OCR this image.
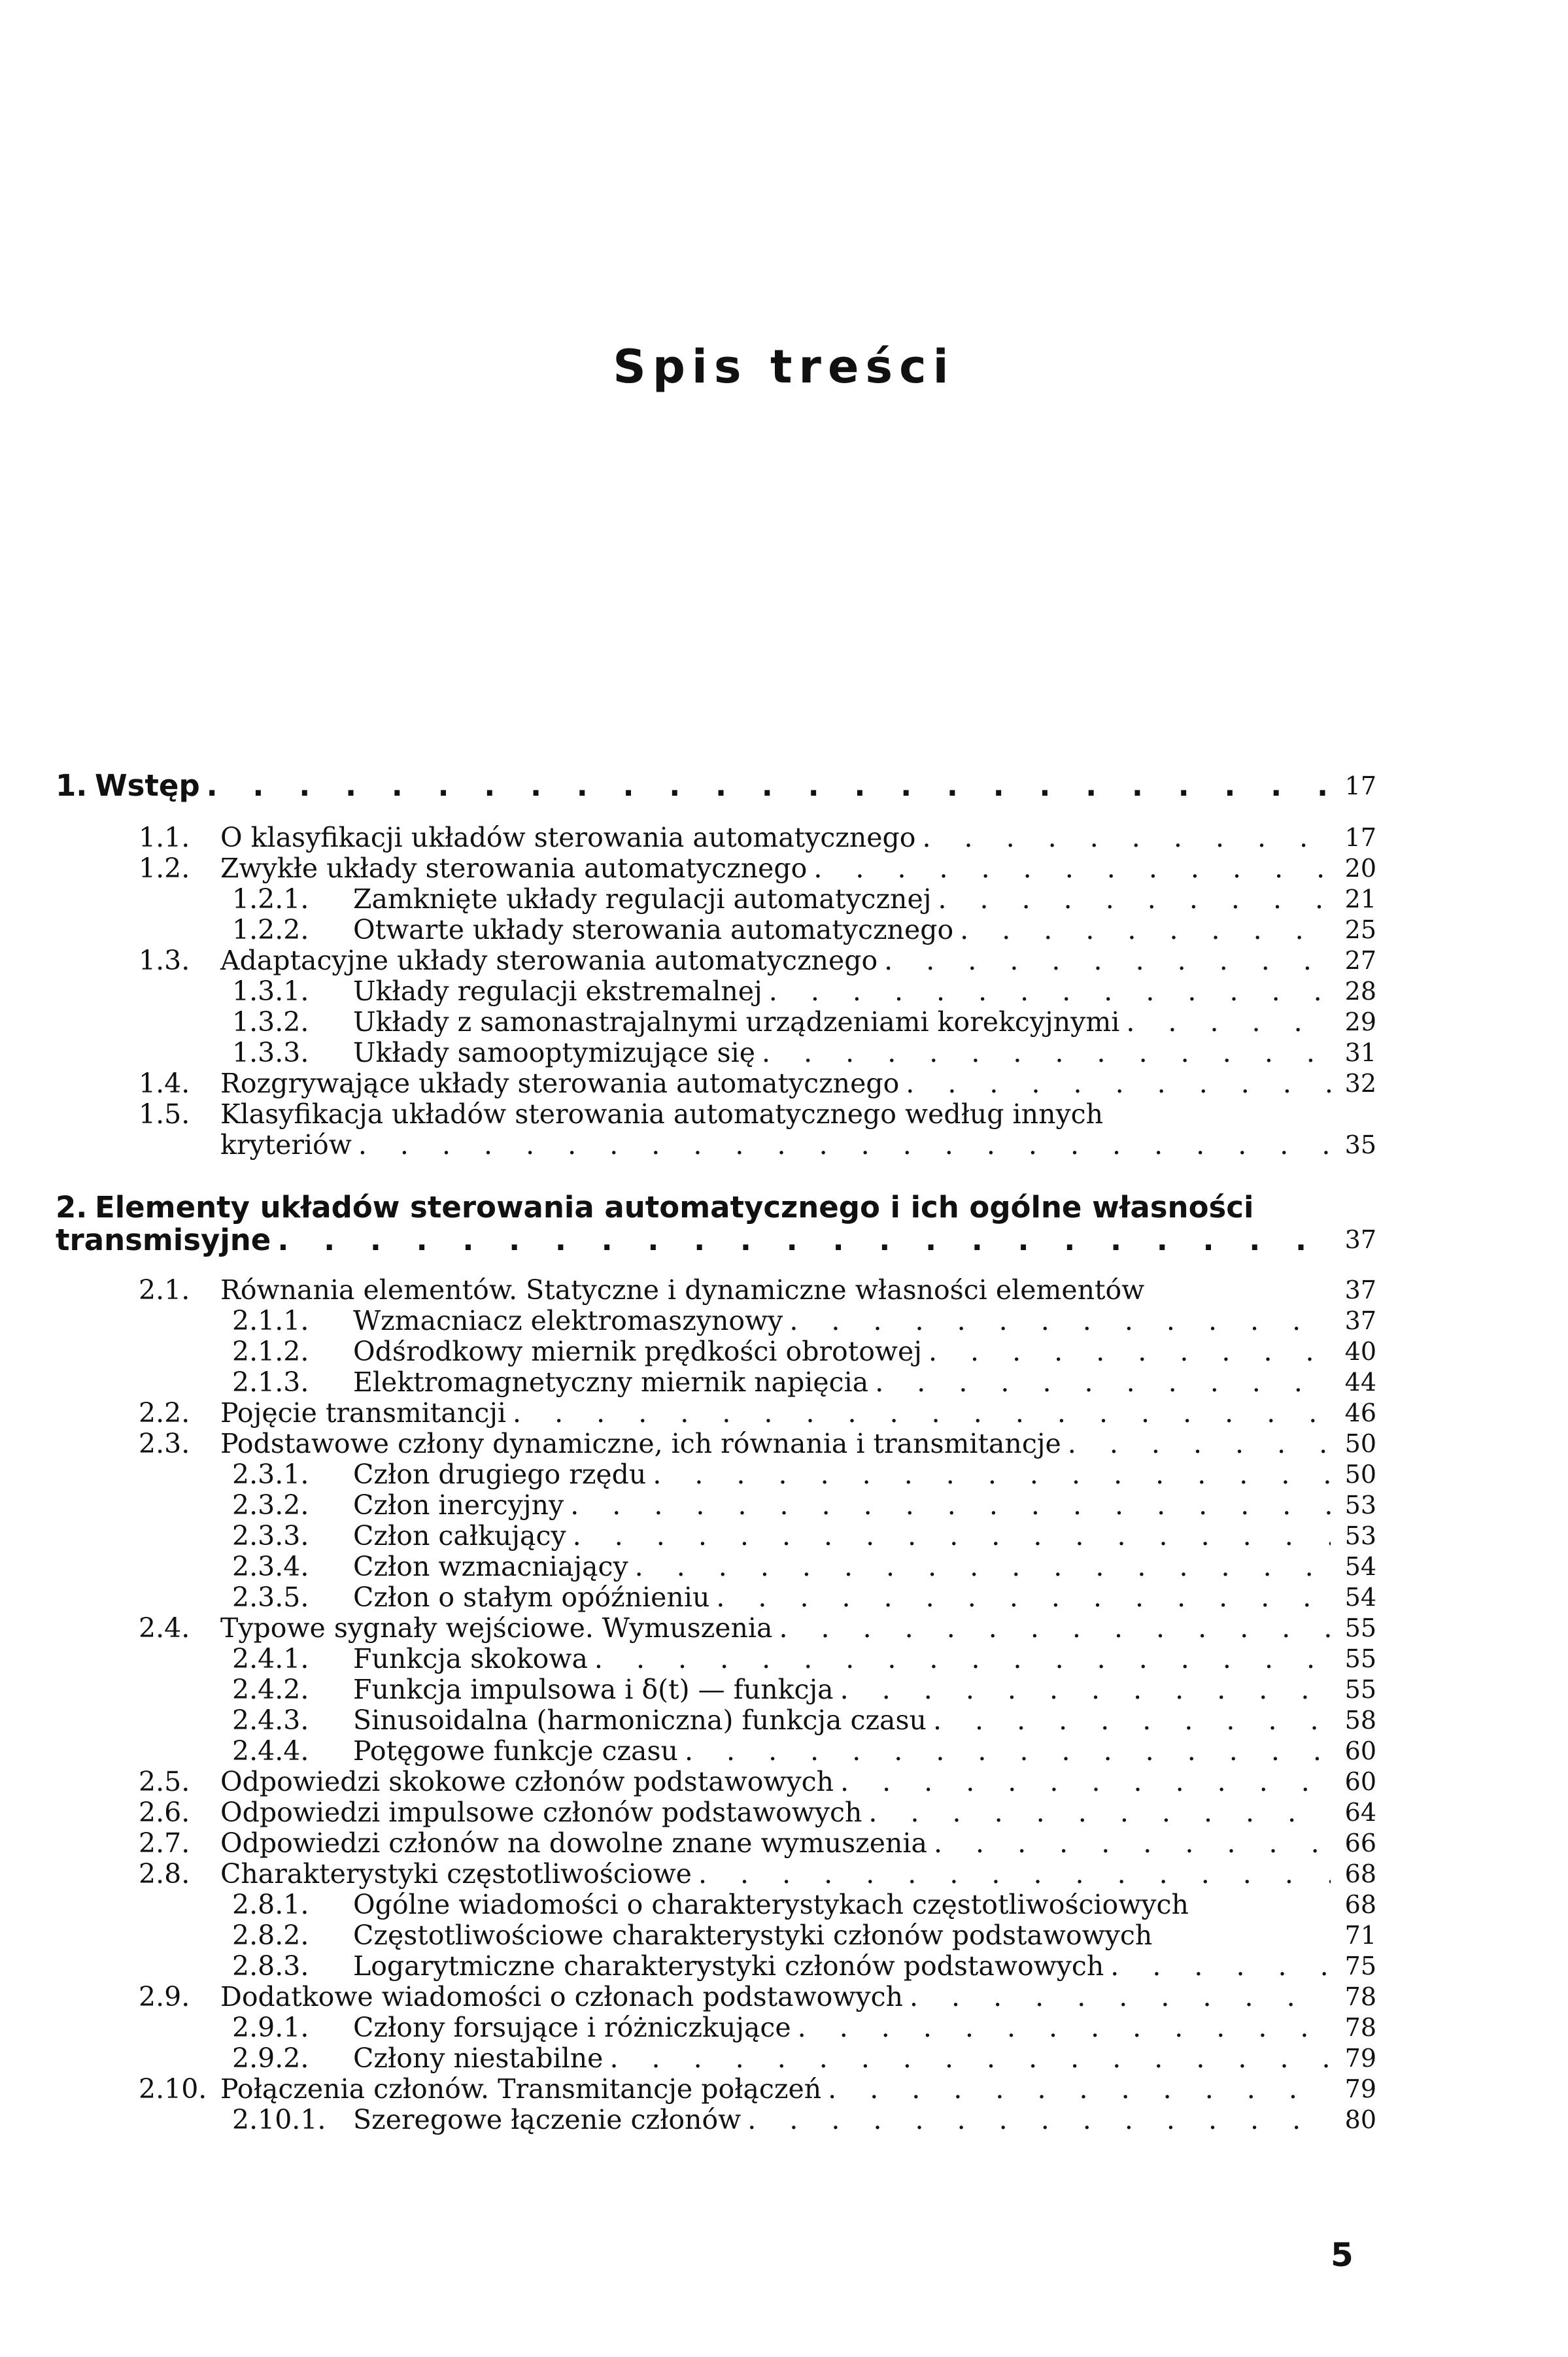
Spis treści
1. Wstęp . . .	17
1.1.	O klasyfikacji układów sterowania automatycznego . . .	17
1.2.	Zwykłe układy sterowania automatycznego . . .	20
1.2.1.	Zamknięte układy regulacji automatycznej . . .	21
1.2.2.	Otwarte układy sterowania automatycznego . . .	25
1.3.	Adaptacyjne układy sterowania automatycznego . . .	27
1.3.1.	Układy regulacji ekstremalnej . . .	28
1.3.2.	Układy z samonastrajalnymi urządzeniami korekcyjnymi . . .	29
1.3.3.	Układy samooptymizujące się . . .	31
1.4.	Rozgrywające układy sterowania automatycznego . . .	32
1.5.	Klasyfikacja układów sterowania automatycznego według innych
kryteriów . . .	35
2. Elementy układów sterowania automatycznego i ich ogólne własności
transmisyjne . . .	37
2.1.	Równania elementów. Statyczne i dynamiczne własności elementów	37
2.1.1.	Wzmacniacz elektromaszynowy . . .	37
2.1.2.	Odśrodkowy miernik prędkości obrotowej . . .	40
2.1.3.	Elektromagnetyczny miernik napięcia . . .	44
2.2.	Pojęcie transmitancji . . .	46
2.3.	Podstawowe człony dynamiczne, ich równania i transmitancje . . .	50
2.3.1.	Człon drugiego rzędu . . .	50
2.3.2.	Człon inercyjny . . .	53
2.3.3.	Człon całkujący . . .	53
2.3.4.	Człon wzmacniający . . .	54
2.3.5.	Człon o stałym opóźnieniu . . .	54
2.4.	Typowe sygnały wejściowe. Wymuszenia . . .	55
2.4.1.	Funkcja skokowa . . .	55
2.4.2.	Funkcja impulsowa i δ(t) — funkcja . . .	55
2.4.3.	Sinusoidalna (harmoniczna) funkcja czasu . . .	58
2.4.4.	Potęgowe funkcje czasu . . .	60
2.5.	Odpowiedzi skokowe członów podstawowych . . .	60
2.6.	Odpowiedzi impulsowe członów podstawowych . . .	64
2.7.	Odpowiedzi członów na dowolne znane wymuszenia . . .	66
2.8.	Charakterystyki częstotliwościowe . . .	68
2.8.1.	Ogólne wiadomości o charakterystykach częstotliwościowych	68
2.8.2.	Częstotliwościowe charakterystyki członów podstawowych	71
2.8.3.	Logarytmiczne charakterystyki członów podstawowych . . .	75
2.9.	Dodatkowe wiadomości o członach podstawowych . . .	78
2.9.1.	Człony forsujące i różniczkujące . . .	78
2.9.2.	Człony niestabilne . . .	79
2.10. Połączenia członów. Transmitancje połączeń . . .	79
2.10.1.	Szeregowe łączenie członów . . .	80
5
